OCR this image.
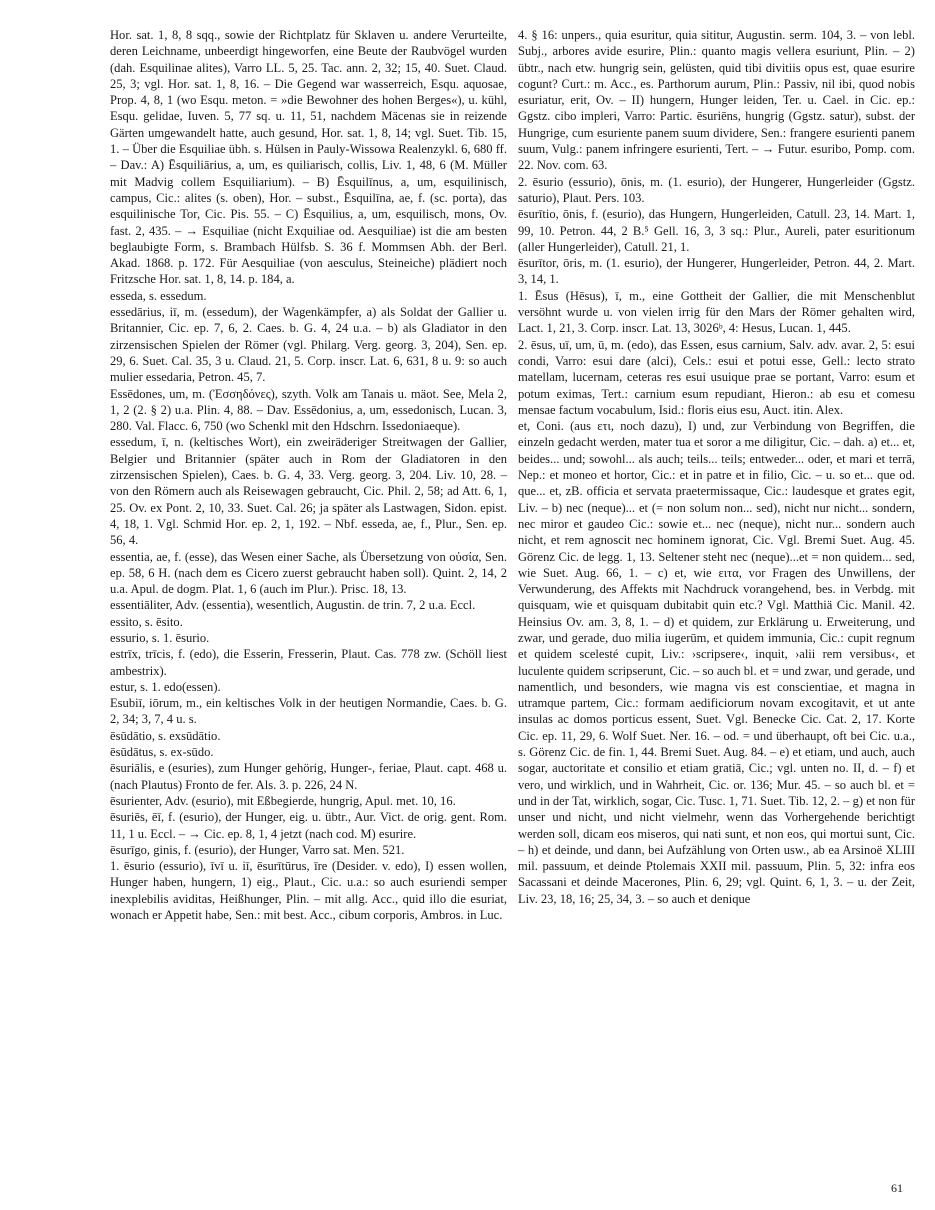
Hor. sat. 1, 8, 8 sqq., sowie der Richtplatz für Sklaven u. andere Verurteilte, deren Leichname, unbeerdigt hingeworfen, eine Beute der Raubvögel wurden (dah. Esquilinae alites), Varro LL. 5, 25. Tac. ann. 2, 32; 15, 40. Suet. Claud. 25, 3; vgl. Hor. sat. 1, 8, 16. – Die Gegend war wasserreich, Esqu. aquosae, Prop. 4, 8, 1 (wo Esqu. meton. = »die Bewohner des hohen Berges«), u. kühl, Esqu. gelidae, Iuven. 5, 77 sq. u. 11, 51, nachdem Mäcenas sie in reizende Gärten umgewandelt hatte, auch gesund, Hor. sat. 1, 8, 14; vgl. Suet. Tib. 15, 1. – Über die Esquiliae übh. s. Hülsen in Pauly-Wissowa Realenzykl. 6, 680 ff. – Dav.: A) Ēsquiliārius, a, um, es quiliarisch, collis, Liv. 1, 48, 6 (M. Müller mit Madvig collem Esquiliarium). – B) Ēsquilīnus, a, um, esquilinisch, campus, Cic.: alites (s. oben), Hor. – subst., Ēsquilīna, ae, f. (sc. porta), das esquilinische Tor, Cic. Pis. 55. – C) Ēsquilius, a, um, esquilisch, mons, Ov. fast. 2, 435. – → Esquiliae (nicht Exquiliae od. Aesquiliae) ist die am besten beglaubigte Form, s. Brambach Hülfsb. S. 36 f. Mommsen Abh. der Berl. Akad. 1868. p. 172. Für Aesquiliae (von aesculus, Steineiche) plädiert noch Fritzsche Hor. sat. 1, 8, 14. p. 184, a.

esseda, s. essedum.

essedārius, iī, m. (essedum), der Wagenkämpfer, a) als Soldat der Gallier u. Britannier, Cic. ep. 7, 6, 2. Caes. b. G. 4, 24 u.a. – b) als Gladiator in den zirzensischen Spielen der Römer (vgl. Philarg. Verg. georg. 3, 204), Sen. ep. 29, 6. Suet. Cal. 35, 3 u. Claud. 21, 5. Corp. inscr. Lat. 6, 631, 8 u. 9: so auch mulier essedaria, Petron. 45, 7.

Essēdones, um, m. (Ἐσσηδόνες), szyth. Volk am Tanais u. mäot. See, Mela 2, 1, 2 (2. § 2) u.a. Plin. 4, 88. – Dav. Essēdonius, a, um, essedonisch, Lucan. 3, 280. Val. Flacc. 6, 750 (wo Schenkl mit den Hdschrn. Issedoniaeque).

essedum, ī, n. (keltisches Wort), ein zweiräderiger Streitwagen der Gallier, Belgier und Britannier (später auch in Rom der Gladiatoren in den zirzensischen Spielen), Caes. b. G. 4, 33. Verg. georg. 3, 204. Liv. 10, 28. – von den Römern auch als Reisewagen gebraucht, Cic. Phil. 2, 58; ad Att. 6, 1, 25. Ov. ex Pont. 2, 10, 33. Suet. Cal. 26; ja später als Lastwagen, Sidon. epist. 4, 18, 1. Vgl. Schmid Hor. ep. 2, 1, 192. – Nbf. esseda, ae, f., Plur., Sen. ep. 56, 4.

essentia, ae, f. (esse), das Wesen einer Sache, als Übersetzung von οὐσία, Sen. ep. 58, 6 H. (nach dem es Cicero zuerst gebraucht haben soll). Quint. 2, 14, 2 u.a. Apul. de dogm. Plat. 1, 6 (auch im Plur.). Prisc. 18, 13.

essentiāliter, Adv. (essentia), wesentlich, Augustin. de trin. 7, 2 u.a. Eccl.

essito, s. ēsito.

essurio, s. 1. ēsurio.

estrīx, trīcis, f. (edo), die Esserin, Fresserin, Plaut. Cas. 778 zw. (Schöll liest ambestrix).

estur, s. 1. edo(essen).

Esubiī, iōrum, m., ein keltisches Volk in der heutigen Normandie, Caes. b. G. 2, 34; 3, 7, 4 u. s.

ēsūdātio, s. exsūdātio.

ēsūdātus, s. ex-sūdo.

ēsuriālis, e (esuries), zum Hunger gehörig, Hunger-, feriae, Plaut. capt. 468 u. (nach Plautus) Fronto de fer. Als. 3. p. 226, 24 N.

ēsurienter, Adv. (esurio), mit Eßbegierde, hungrig, Apul. met. 10, 16.

ēsuriēs, ēī, f. (esurio), der Hunger, eig. u. übtr., Aur. Vict. de orig. gent. Rom. 11, 1 u. Eccl. – → Cic. ep. 8, 1, 4 jetzt (nach cod. M) esurire.

ēsurīgo, ginis, f. (esurio), der Hunger, Varro sat. Men. 521.

1. ēsurio (essurio), īvī u. iī, ēsurītūrus, īre (Desider. v. edo), I) essen wollen, Hunger haben, hungern, 1) eig., Plaut., Cic. u.a.: so auch esuriendi semper inexplebilis aviditas, Heißhunger, Plin. – mit allg. Acc., quid illo die esuriat, wonach er Appetit habe, Sen.: mit best. Acc., cibum corporis, Ambros. in Luc.

4. § 16: unpers., quia esuritur, quia sititur, Augustin. serm. 104, 3. – von lebl. Subj., arbores avide esurire, Plin.: quanto magis vellera esuriunt, Plin. – 2) übtr., nach etw. hungrig sein, gelüsten, quid tibi divitiis opus est, quae esurire cogunt? Curt.: m. Acc., es. Parthorum aurum, Plin.: Passiv, nil ibi, quod nobis esuriatur, erit, Ov. – II) hungern, Hunger leiden, Ter. u. Cael. in Cic. ep.: Ggstz. cibo impleri, Varro: Partic. ēsuriēns, hungrig (Ggstz. satur), subst. der Hungrige, cum esuriente panem suum dividere, Sen.: frangere esurienti panem suum, Vulg.: panem infringere esurienti, Tert. – → Futur. esuribo, Pomp. com. 22. Nov. com. 63.

2. ēsurio (essurio), ōnis, m. (1. esurio), der Hungerer, Hungerleider (Ggstz. saturio), Plaut. Pers. 103.

ēsurītio, ōnis, f. (esurio), das Hungern, Hungerleiden, Catull. 23, 14. Mart. 1, 99, 10. Petron. 44, 2 B.⁵ Gell. 16, 3, 3 sq.: Plur., Aureli, pater esuritionum (aller Hungerleider), Catull. 21, 1.

ēsurītor, ōris, m. (1. esurio), der Hungerer, Hungerleider, Petron. 44, 2. Mart. 3, 14, 1.

1. Ēsus (Hēsus), ī, m., eine Gottheit der Gallier, die mit Menschenblut versöhnt wurde u. von vielen irrig für den Mars der Römer gehalten wird, Lact. 1, 21, 3. Corp. inscr. Lat. 13, 3026ᵇ, 4: Hesus, Lucan. 1, 445.

2. ēsus, uī, um, ū, m. (edo), das Essen, esus carnium, Salv. adv. avar. 2, 5: esui condi, Varro: esui dare (alci), Cels.: esui et potui esse, Gell.: lecto strato matellam, lucernam, ceteras res esui usuique prae se portant, Varro: esum et potum eximas, Tert.: carnium esum repudiant, Hieron.: ab esu et comesu mensae factum vocabulum, Isid.: floris eius esu, Auct. itin. Alex.

et, Coni. (aus ετι, noch dazu), I) und, zur Verbindung von Begriffen, die einzeln gedacht werden, mater tua et soror a me diligitur, Cic. – dah. a) et... et, beides... und; sowohl... als auch; teils... teils; entweder... oder, et mari et terrā, Nep.: et moneo et hortor, Cic.: et in patre et in filio, Cic. – u. so et... que od. que... et, zB. officia et servata praetermissaque, Cic.: laudesque et grates egit, Liv. – b) nec (neque)... et (= non solum non... sed), nicht nur nicht... sondern, nec miror et gaudeo Cic.: sowie et... nec (neque), nicht nur... sondern auch nicht, et rem agnoscit nec hominem ignorat, Cic. Vgl. Bremi Suet. Aug. 45. Görenz Cic. de legg. 1, 13. Seltener steht nec (neque)...et = non quidem... sed, wie Suet. Aug. 66, 1. – c) et, wie ειτα, vor Fragen des Unwillens, der Verwunderung, des Affekts mit Nachdruck vorangehend, bes. in Verbdg. mit quisquam, wie et quisquam dubitabit quin etc.? Vgl. Matthiä Cic. Manil. 42. Heinsius Ov. am. 3, 8, 1. – d) et quidem, zur Erklärung u. Erweiterung, und zwar, und gerade, duo milia iugerūm, et quidem immunia, Cic.: cupit regnum et quidem scelesté cupit, Liv.: ›scripsere‹, inquit, ›alii rem versibus‹, et luculente quidem scripserunt, Cic. – so auch bl. et = und zwar, und gerade, und namentlich, und besonders, wie magna vis est conscientiae, et magna in utramque partem, Cic.: formam aedificiorum novam excogitavit, et ut ante insulas ac domos porticus essent, Suet. Vgl. Benecke Cic. Cat. 2, 17. Korte Cic. ep. 11, 29, 6. Wolf Suet. Ner. 16. – od. = und überhaupt, oft bei Cic. u.a., s. Görenz Cic. de fin. 1, 44. Bremi Suet. Aug. 84. – e) et etiam, und auch, auch sogar, auctoritate et consilio et etiam gratiā, Cic.; vgl. unten no. II, d. – f) et vero, und wirklich, und in Wahrheit, Cic. or. 136; Mur. 45. – so auch bl. et = und in der Tat, wirklich, sogar, Cic. Tusc. 1, 71. Suet. Tib. 12, 2. – g) et non für unser und nicht, und nicht vielmehr, wenn das Vorhergehende berichtigt werden soll, dicam eos miseros, qui nati sunt, et non eos, qui mortui sunt, Cic. – h) et deinde, und dann, bei Aufzählung von Orten usw., ab ea Arsinoë XLIII mil. passuum, et deinde Ptolemais XXII mil. passuum, Plin. 5, 32: infra eos Sacassani et deinde Macerones, Plin. 6, 29; vgl. Quint. 6, 1, 3. – u. der Zeit, Liv. 23, 18, 16; 25, 34, 3. – so auch et denique

61
